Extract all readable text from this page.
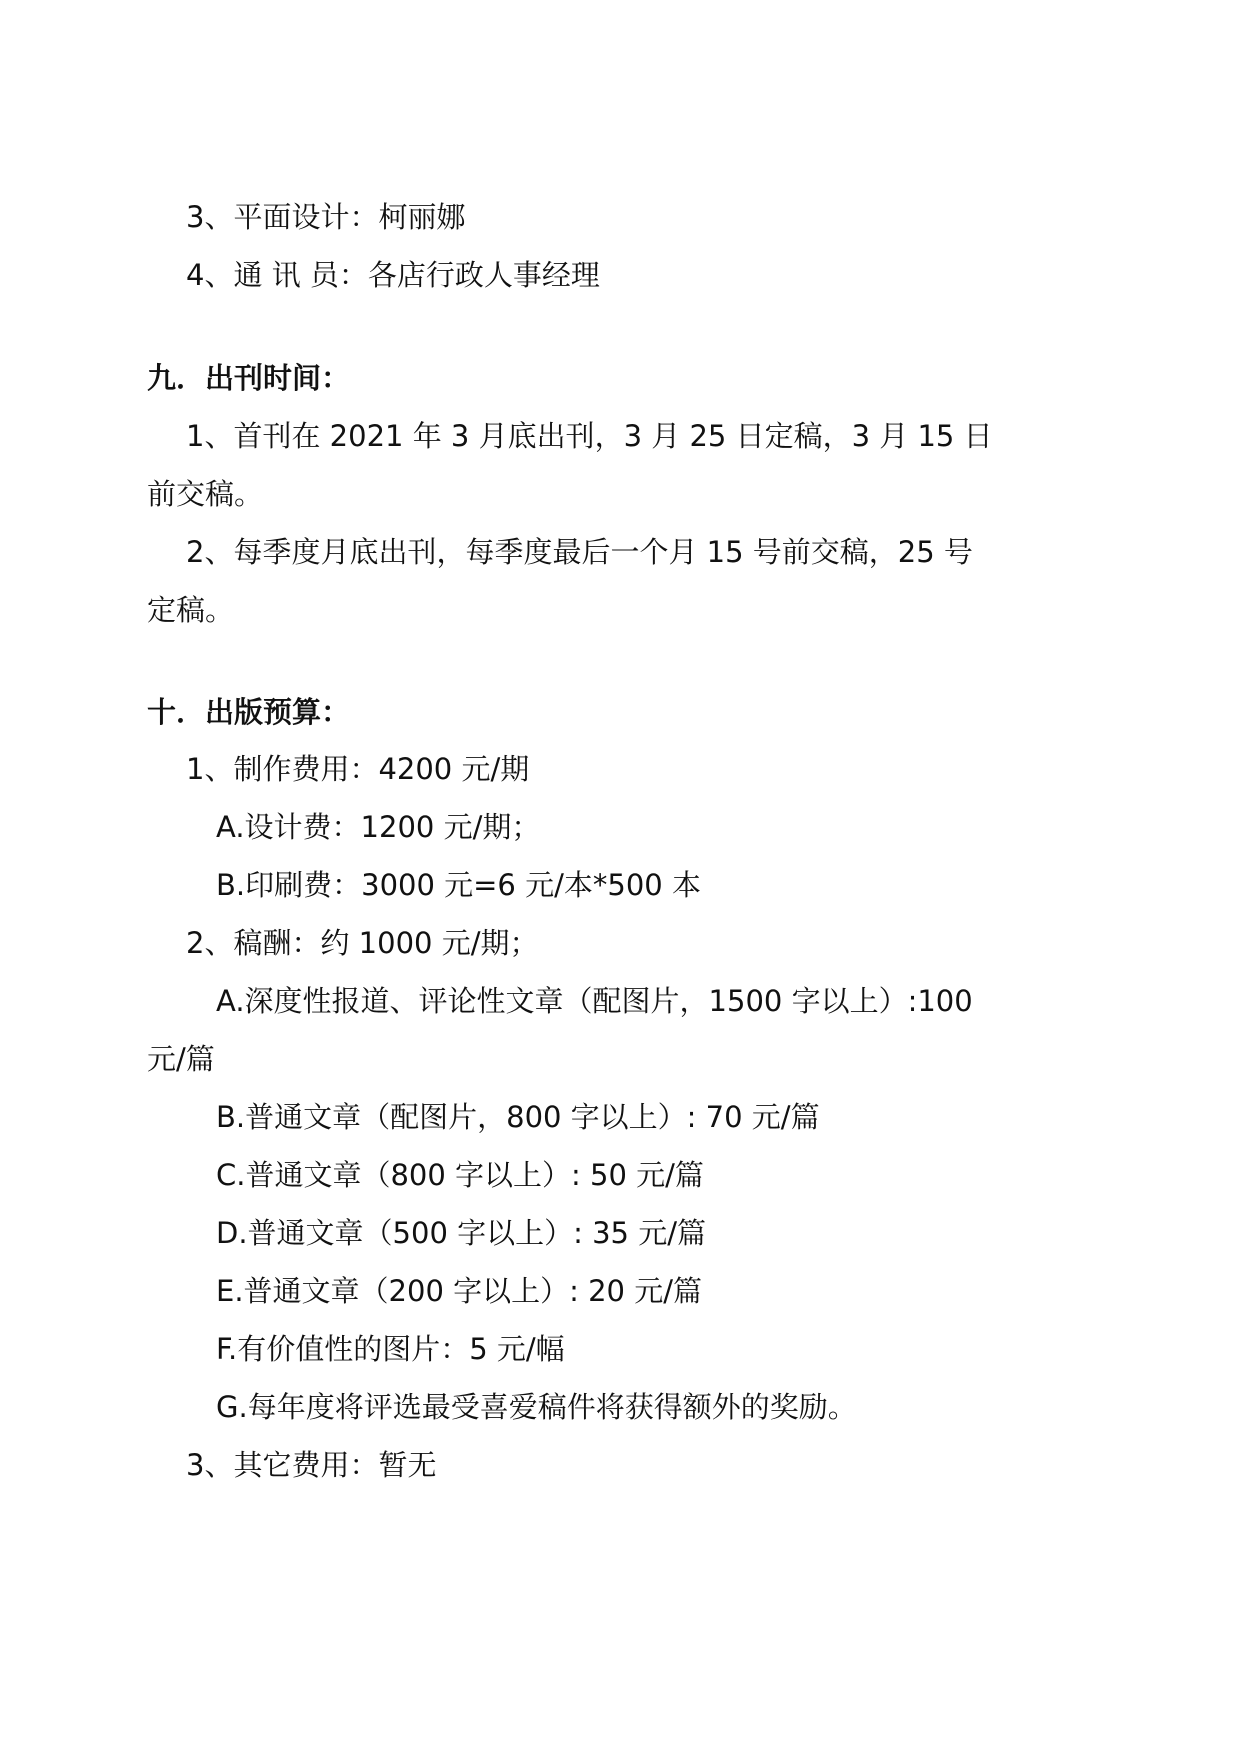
3、平面设计：柯丽娜
4、通 讯 员：各店行政人事经理
九．出刊时间：
1、首刊在 2021 年 3 月底出刊，3 月 25 日定稿，3 月 15 日
前交稿。
2、每季度月底出刊，每季度最后一个月 15 号前交稿，25 号
定稿。
十．出版预算：
1、制作费用：4200 元/期
A.设计费：1200 元/期；
B.印刷费：3000 元=6 元/本*500 本
2、稿酬：约 1000 元/期；
A.深度性报道、评论性文章（配图片，1500 字以上）:100
元/篇
B.普通文章（配图片，800 字以上）: 70 元/篇
C.普通文章（800 字以上）: 50 元/篇
D.普通文章（500 字以上）: 35 元/篇
E.普通文章（200 字以上）: 20 元/篇
F.有价值性的图片：5 元/幅
G.每年度将评选最受喜爱稿件将获得额外的奖励。
3、其它费用：暂无
